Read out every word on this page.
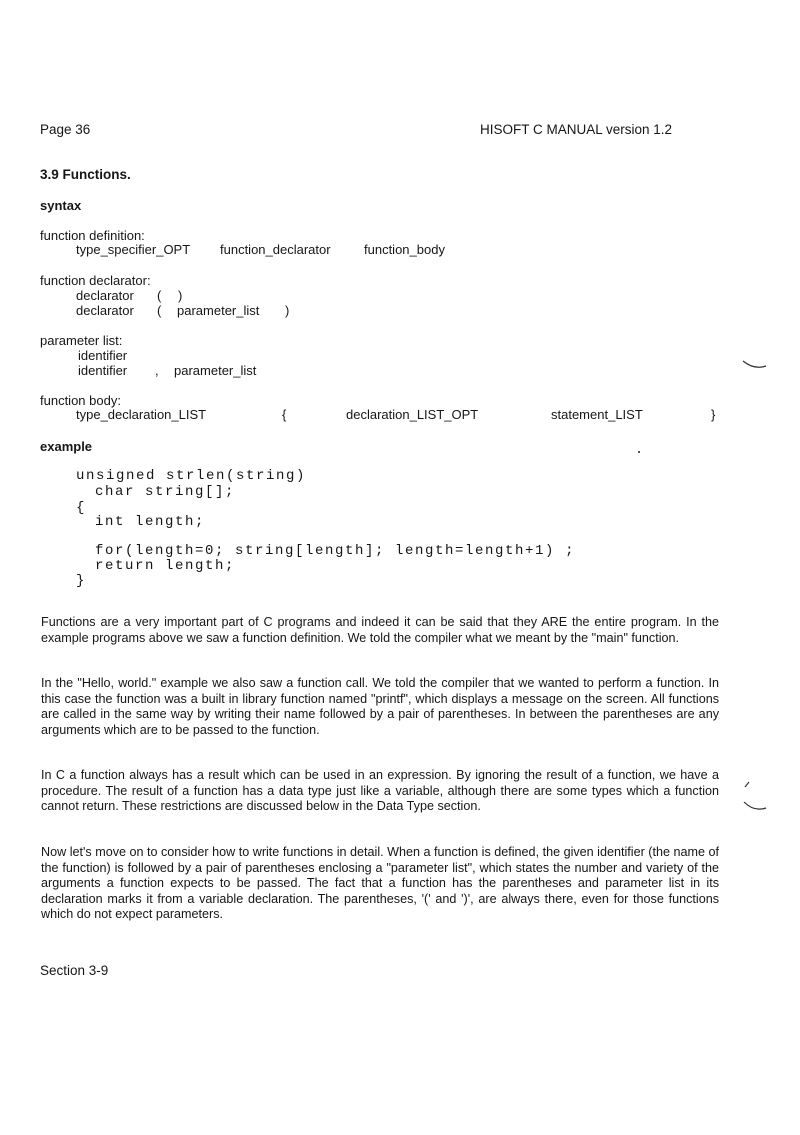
Page 36	HISOFT C MANUAL version 1.2
3.9 Functions.
syntax
function definition:
type_specifier_OPT function_declarator	function_body
function declarator:
declarator ( )
declarator ( parameter_list )
parameter list:
identifier
identifier , parameter_list
function body:
type_declaration_LIST	{	declaration_LIST_OPT	statement_LIST	}
example
unsigned strlen(string)
char string[];
{
int length;
for(length=0; string[length]; length=length+1) ;
return length;
}
Functions are a very important part of C programs and indeed it can be said that they ARE the entire program. In the example programs above we saw a function definition. We told the compiler what we meant by the "main" function.
In the "Hello, world." example we also saw a function call. We told the compiler that we wanted to perform a function. In this case the function was a built in library function named "printf", which displays a message on the screen. All functions are called in the same way by writing their name followed by a pair of parentheses. In between the parentheses are any arguments which are to be passed to the function.
In C a function always has a result which can be used in an expression. By ignoring the result of a function, we have a procedure. The result of a function has a data type just like a variable, although there are some types which a function cannot return. These restrictions are discussed below in the Data Type section.
Now let's move on to consider how to write functions in detail. When a function is defined, the given identifier (the name of the function) is followed by a pair of parentheses enclosing a "parameter list", which states the number and variety of the arguments a function expects to be passed. The fact that a function has the parentheses and parameter list in its declaration marks it from a variable declaration. The parentheses, '(' and ')', are always there, even for those functions which do not expect parameters.
Section 3-9
